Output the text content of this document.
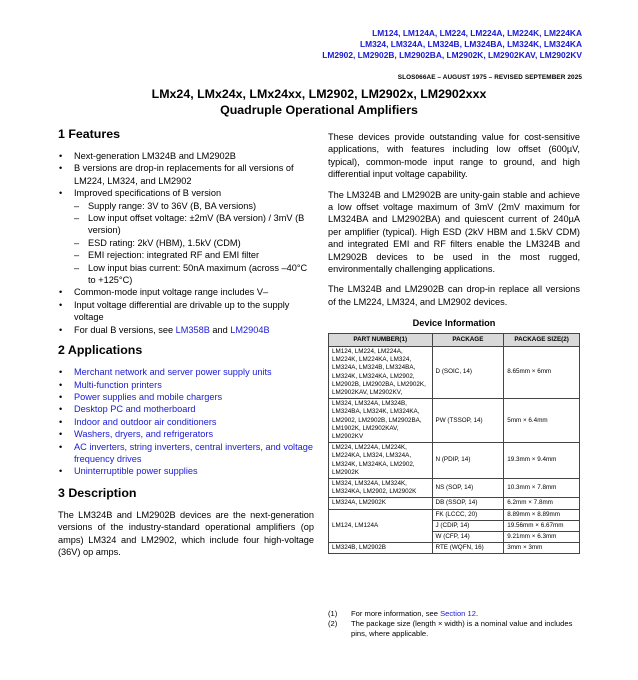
LM124, LM124A, LM224, LM224A, LM224K, LM224KA
LM324, LM324A, LM324B, LM324BA, LM324K, LM324KA
LM2902, LM2902B, LM2902BA, LM2902K, LM2902KAV, LM2902KV
SLOS066AE – AUGUST 1975 – REVISED SEPTEMBER 2025
LMx24, LMx24x, LMx24xx, LM2902, LM2902x, LM2902xxx
Quadruple Operational Amplifiers
1 Features
• Next-generation LM324B and LM2902B
• B versions are drop-in replacements for all versions of LM224, LM324, and LM2902
• Improved specifications of B version
– Supply range: 3V to 36V (B, BA versions)
– Low input offset voltage: ±2mV (BA version) / 3mV (B version)
– ESD rating: 2kV (HBM), 1.5kV (CDM)
– EMI rejection: integrated RF and EMI filter
– Low input bias current: 50nA maximum (across –40°C to +125°C)
• Common-mode input voltage range includes V–
• Input voltage differential are drivable up to the supply voltage
• For dual B versions, see LM358B and LM2904B
2 Applications
• Merchant network and server power supply units
• Multi-function printers
• Power supplies and mobile chargers
• Desktop PC and motherboard
• Indoor and outdoor air conditioners
• Washers, dryers, and refrigerators
• AC inverters, string inverters, central inverters, and voltage frequency drives
• Uninterruptible power supplies
3 Description

The LM324B and LM2902B devices are the next-generation versions of the industry-standard operational amplifiers (op amps) LM324 and LM2902, which include four high-voltage (36V) op amps.

These devices provide outstanding value for cost-sensitive applications, with features including low offset (600µV, typical), common-mode input range to ground, and high differential input voltage capability.

The LM324B and LM2902B are unity-gain stable and achieve a low offset voltage maximum of 3mV (2mV maximum for LM324BA and LM2902BA) and quiescent current of 240µA per amplifier (typical). High ESD (2kV HBM and 1.5kV CDM) and integrated EMI and RF filters enable the LM324B and LM2902B devices to be used in the most rugged, environmentally challenging applications.

The LM324B and LM2902B can drop-in replace all versions of the LM224, LM324, and LM2902 devices.

Device Information
PART NUMBER(1)	PACKAGE	PACKAGE SIZE(2)
LM124, LM224, LM224A, LM224K, LM224KA, LM324, LM324A, LM324B, LM324BA, LM324K, LM324KA, LM2902, LM2902B, LM2902BA, LM2902K, LM2902KAV, LM2902KV,	D (SOIC, 14)	8.65mm × 6mm
LM324, LM324A, LM324B, LM324BA, LM324K, LM324KA, LM2902, LM2902B, LM2902BA, LM1902K, LM2902KAV, LM2902KV	PW (TSSOP, 14)	5mm × 6.4mm
LM224, LM224A, LM224K, LM224KA, LM324, LM324A, LM324K, LM324KA, LM2902, LM2902K	N (PDIP, 14)	19.3mm × 9.4mm
LM324, LM324A, LM324K, LM324KA, LM2902, LM2902K	NS (SOP, 14)	10.3mm × 7.8mm
LM324A, LM2902K	DB (SSOP, 14)	6.2mm × 7.8mm
LM124, LM124A	FK (LCCC, 20)	8.89mm × 8.89mm
	J (CDIP, 14)	19.56mm × 6.67mm
	W (CFP, 14)	9.21mm × 6.3mm
LM324B, LM2902B	RTE (WQFN, 16)	3mm × 3mm
(1) For more information, see Section 12.
(2) The package size (length × width) is a nominal value and includes pins, where applicable.
